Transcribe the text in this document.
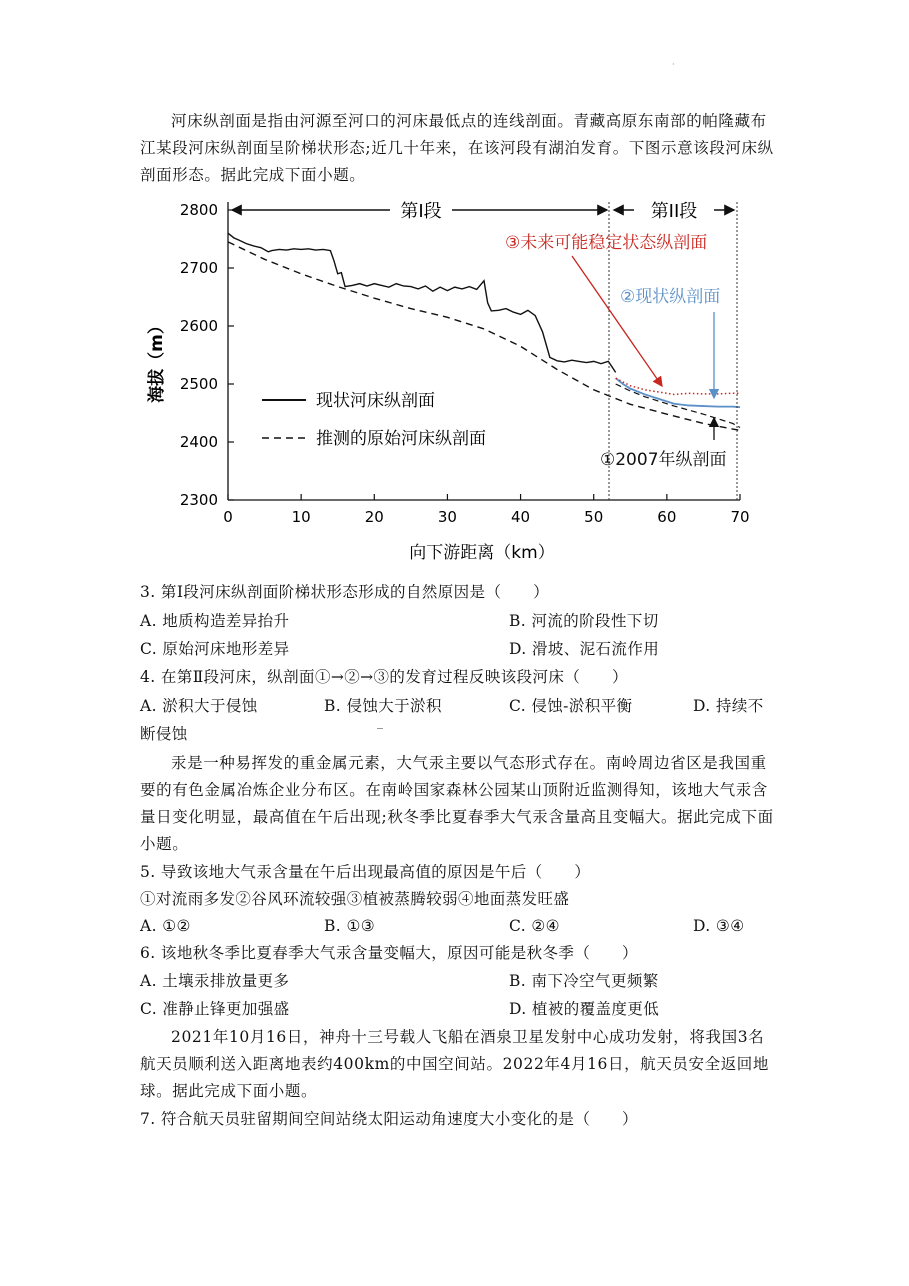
·
河床纵剖面是指由河源至河口的河床最低点的连线剖面。青藏高原东南部的帕隆藏布江某段河床纵剖面呈阶梯状形态;近几十年来，在该河段有湖泊发育。下图示意该段河床纵剖面形态。据此完成下面小题。
0	10	20	30	40	50	60	70
2800
2700
2600
2500
2400
2300
第I段	第II段
③未来可能稳定状态纵剖面
②现状纵剖面
①2007年纵剖面
现状河床纵剖面
推测的原始河床纵剖面
海拔（m）
向下游距离（km）
3. 第Ⅰ段河床纵剖面阶梯状形态形成的自然原因是（　　）
A. 地质构造差异抬升	B. 河流的阶段性下切
C. 原始河床地形差异	D. 滑坡、泥石流作用
4. 在第Ⅱ段河床，纵剖面①→②→③的发育过程反映该段河床（　　）
A. 淤积大于侵蚀	B. 侵蚀大于淤积	C. 侵蚀-淤积平衡	D. 持续不
断侵蚀
汞是一种易挥发的重金属元素，大气汞主要以气态形式存在。南岭周边省区是我国重要的有色金属冶炼企业分布区。在南岭国家森林公园某山顶附近监测得知，该地大气汞含量日变化明显，最高值在午后出现;秋冬季比夏春季大气汞含量高且变幅大。据此完成下面小题。
5. 导致该地大气汞含量在午后出现最高值的原因是午后（　　）
①对流雨多发②谷风环流较强③植被蒸腾较弱④地面蒸发旺盛
A. ①②	B. ①③	C. ②④	D. ③④
6. 该地秋冬季比夏春季大气汞含量变幅大，原因可能是秋冬季（　　）
A. 土壤汞排放量更多	B. 南下冷空气更频繁
C. 准静止锋更加强盛	D. 植被的覆盖度更低
2021年10月16日，神舟十三号载人飞船在酒泉卫星发射中心成功发射，将我国3名航天员顺利送入距离地表约400km的中国空间站。2022年4月16日，航天员安全返回地球。据此完成下面小题。
7. 符合航天员驻留期间空间站绕太阳运动角速度大小变化的是（　　）
